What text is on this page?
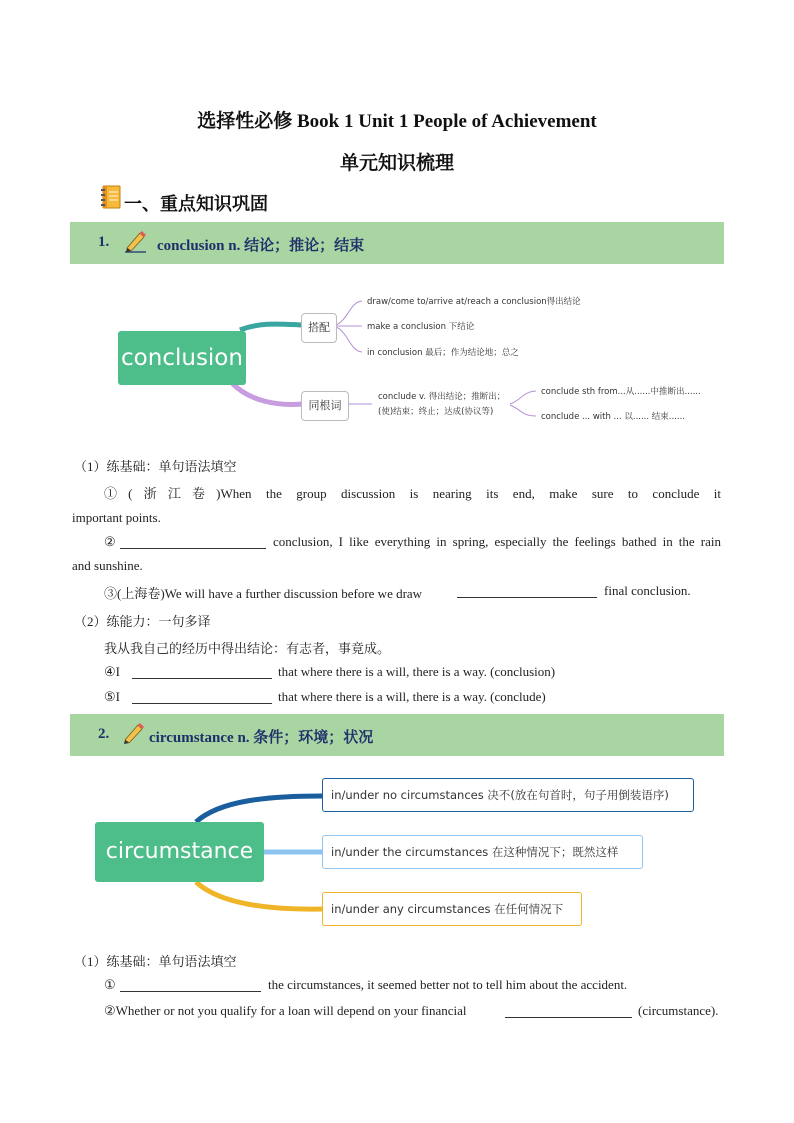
选择性必修 Book 1 Unit 1 People of Achievement
单元知识梳理
一、重点知识巩固
1.	conclusion n. 结论；推论；结束
conclusion
搭配
同根词
draw/come to/arrive at/reach a conclusion得出结论
make a conclusion 下结论
in conclusion 最后；作为结论地；总之
conclude v. 得出结论；推断出；
(使)结束；终止；达成(协议等)
conclude sth from...从......中推断出......
conclude ... with ... 以...... 结束......
（1）练基础：单句语法填空
①(浙江卷)When the group discussion is nearing its end, make sure to conclude it
important points.
②	conclusion, I like everything in spring, especially the feelings bathed in the rain
and sunshine.
③(上海卷)We will have a further discussion before we draw	final conclusion.
（2）练能力：一句多译
我从我自己的经历中得出结论：有志者，事竟成。
④I	that where there is a will, there is a way. (conclusion)
⑤I	that where there is a will, there is a way. (conclude)
2.	circumstance n. 条件；环境；状况
circumstance
in/under no circumstances 决不(放在句首时，句子用倒装语序)
in/under the circumstances 在这种情况下；既然这样
in/under any circumstances 在任何情况下
（1）练基础：单句语法填空
①	the circumstances, it seemed better not to tell him about the accident.
②Whether or not you qualify for a loan will depend on your financial	(circumstance).
